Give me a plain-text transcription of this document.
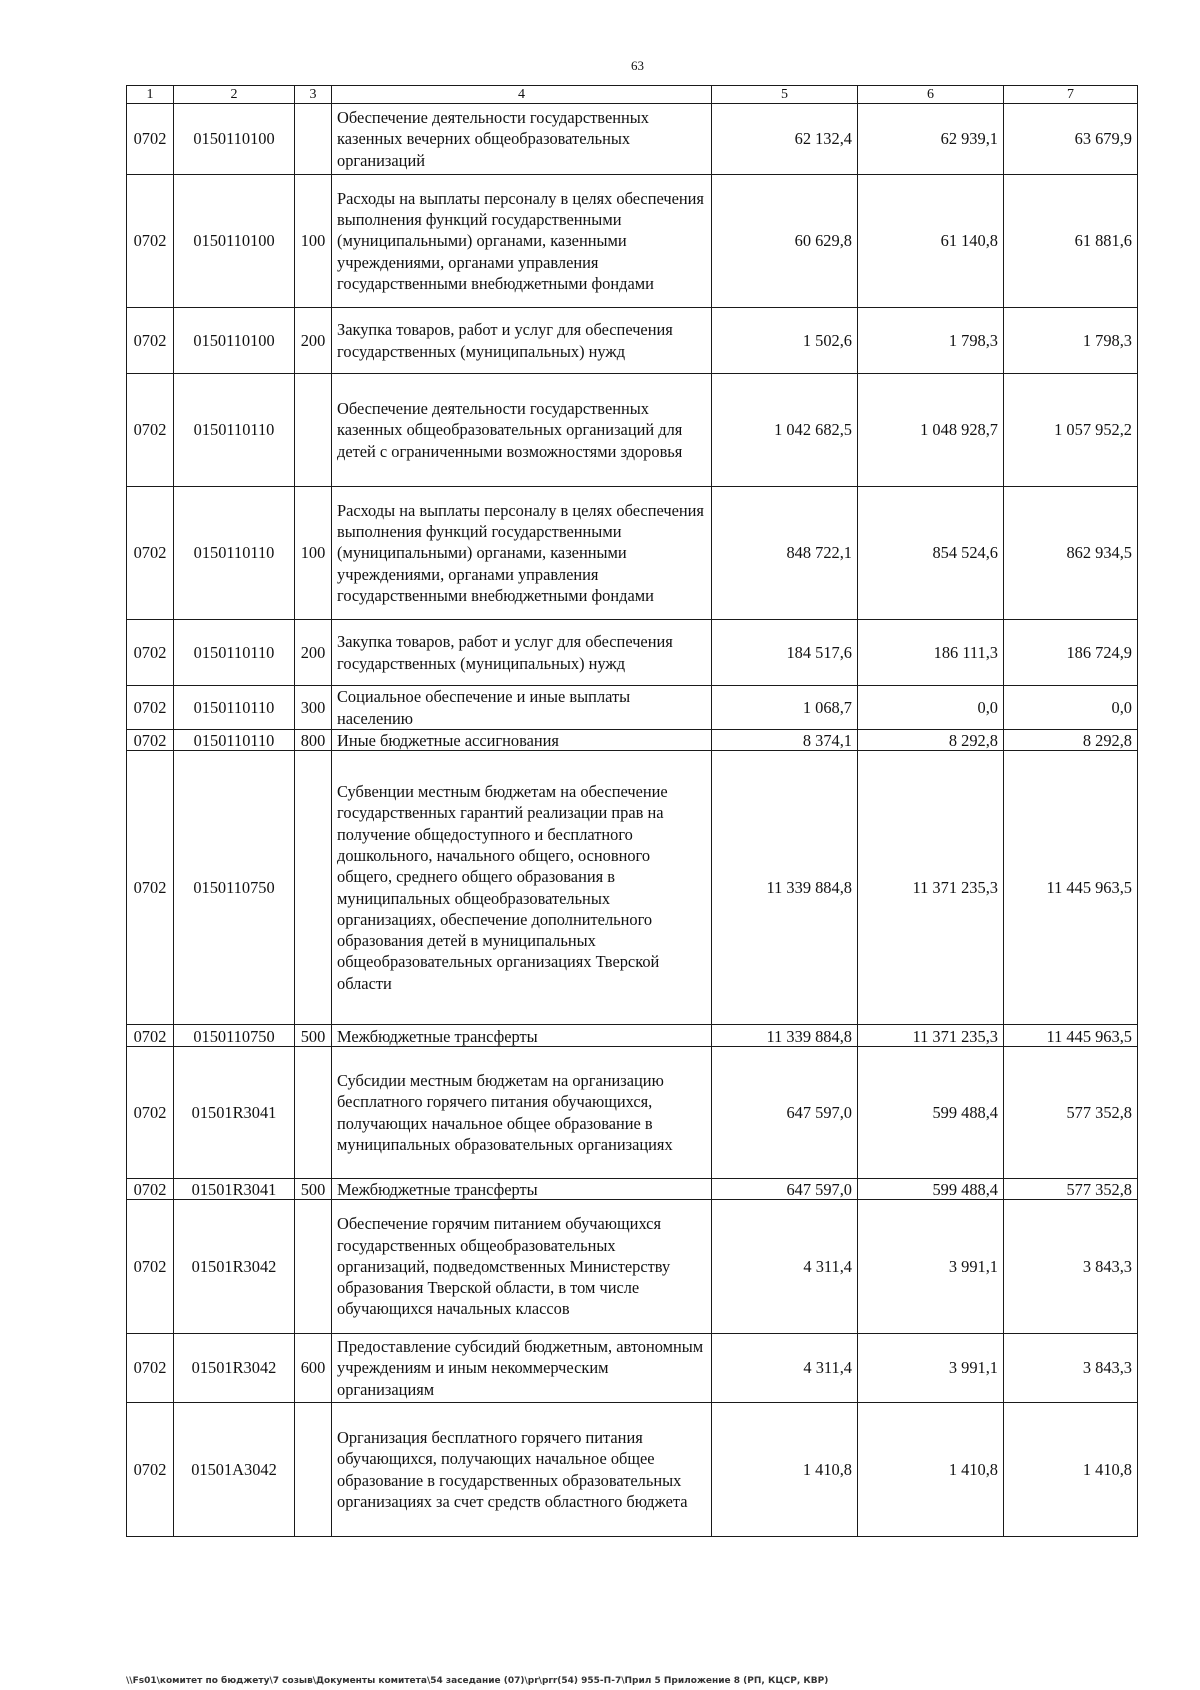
63
1	2	3	4	5	6	7
0702	0150110100		Обеспечение деятельности государственных казенных вечерних общеобразовательных организаций	62 132,4	62 939,1	63 679,9
0702	0150110100	100	Расходы на выплаты персоналу в целях обеспечения выполнения функций государственными (муниципальными) органами, казенными учреждениями, органами управления государственными внебюджетными фондами	60 629,8	61 140,8	61 881,6
0702	0150110100	200	Закупка товаров, работ и услуг для обеспечения государственных (муниципальных) нужд	1 502,6	1 798,3	1 798,3
0702	0150110110		Обеспечение деятельности государственных казенных общеобразовательных организаций для детей с ограниченными возможностями здоровья	1 042 682,5	1 048 928,7	1 057 952,2
0702	0150110110	100	Расходы на выплаты персоналу в целях обеспечения выполнения функций государственными (муниципальными) органами, казенными учреждениями, органами управления государственными внебюджетными фондами	848 722,1	854 524,6	862 934,5
0702	0150110110	200	Закупка товаров, работ и услуг для обеспечения государственных (муниципальных) нужд	184 517,6	186 111,3	186 724,9
0702	0150110110	300	Социальное обеспечение и иные выплаты населению	1 068,7	0,0	0,0
0702	0150110110	800	Иные бюджетные ассигнования	8 374,1	8 292,8	8 292,8
0702	0150110750		Субвенции местным бюджетам на обеспечение государственных гарантий реализации прав на получение общедоступного и бесплатного дошкольного, начального общего, основного общего, среднего общего образования в муниципальных общеобразовательных организациях, обеспечение дополнительного образования детей в муниципальных общеобразовательных организациях Тверской области	11 339 884,8	11 371 235,3	11 445 963,5
0702	0150110750	500	Межбюджетные трансферты	11 339 884,8	11 371 235,3	11 445 963,5
0702	01501R3041		Субсидии местным бюджетам на организацию бесплатного горячего питания обучающихся, получающих начальное общее образование в муниципальных образовательных организациях	647 597,0	599 488,4	577 352,8
0702	01501R3041	500	Межбюджетные трансферты	647 597,0	599 488,4	577 352,8
0702	01501R3042		Обеспечение горячим питанием обучающихся государственных общеобразовательных организаций, подведомственных Министерству образования Тверской области, в том числе обучающихся начальных классов	4 311,4	3 991,1	3 843,3
0702	01501R3042	600	Предоставление субсидий бюджетным, автономным учреждениям и иным некоммерческим организациям	4 311,4	3 991,1	3 843,3
0702	01501A3042		Организация бесплатного горячего питания обучающихся, получающих начальное общее образование в государственных образовательных организациях за счет средств областного бюджета	1 410,8	1 410,8	1 410,8
\\Fs01\комитет по бюджету\7 созыв\Документы комитета\54 заседание (07)\рr\prr(54) 955-П-7\Прил 5 Приложение 8 (РП, КЦСР, КВР)
